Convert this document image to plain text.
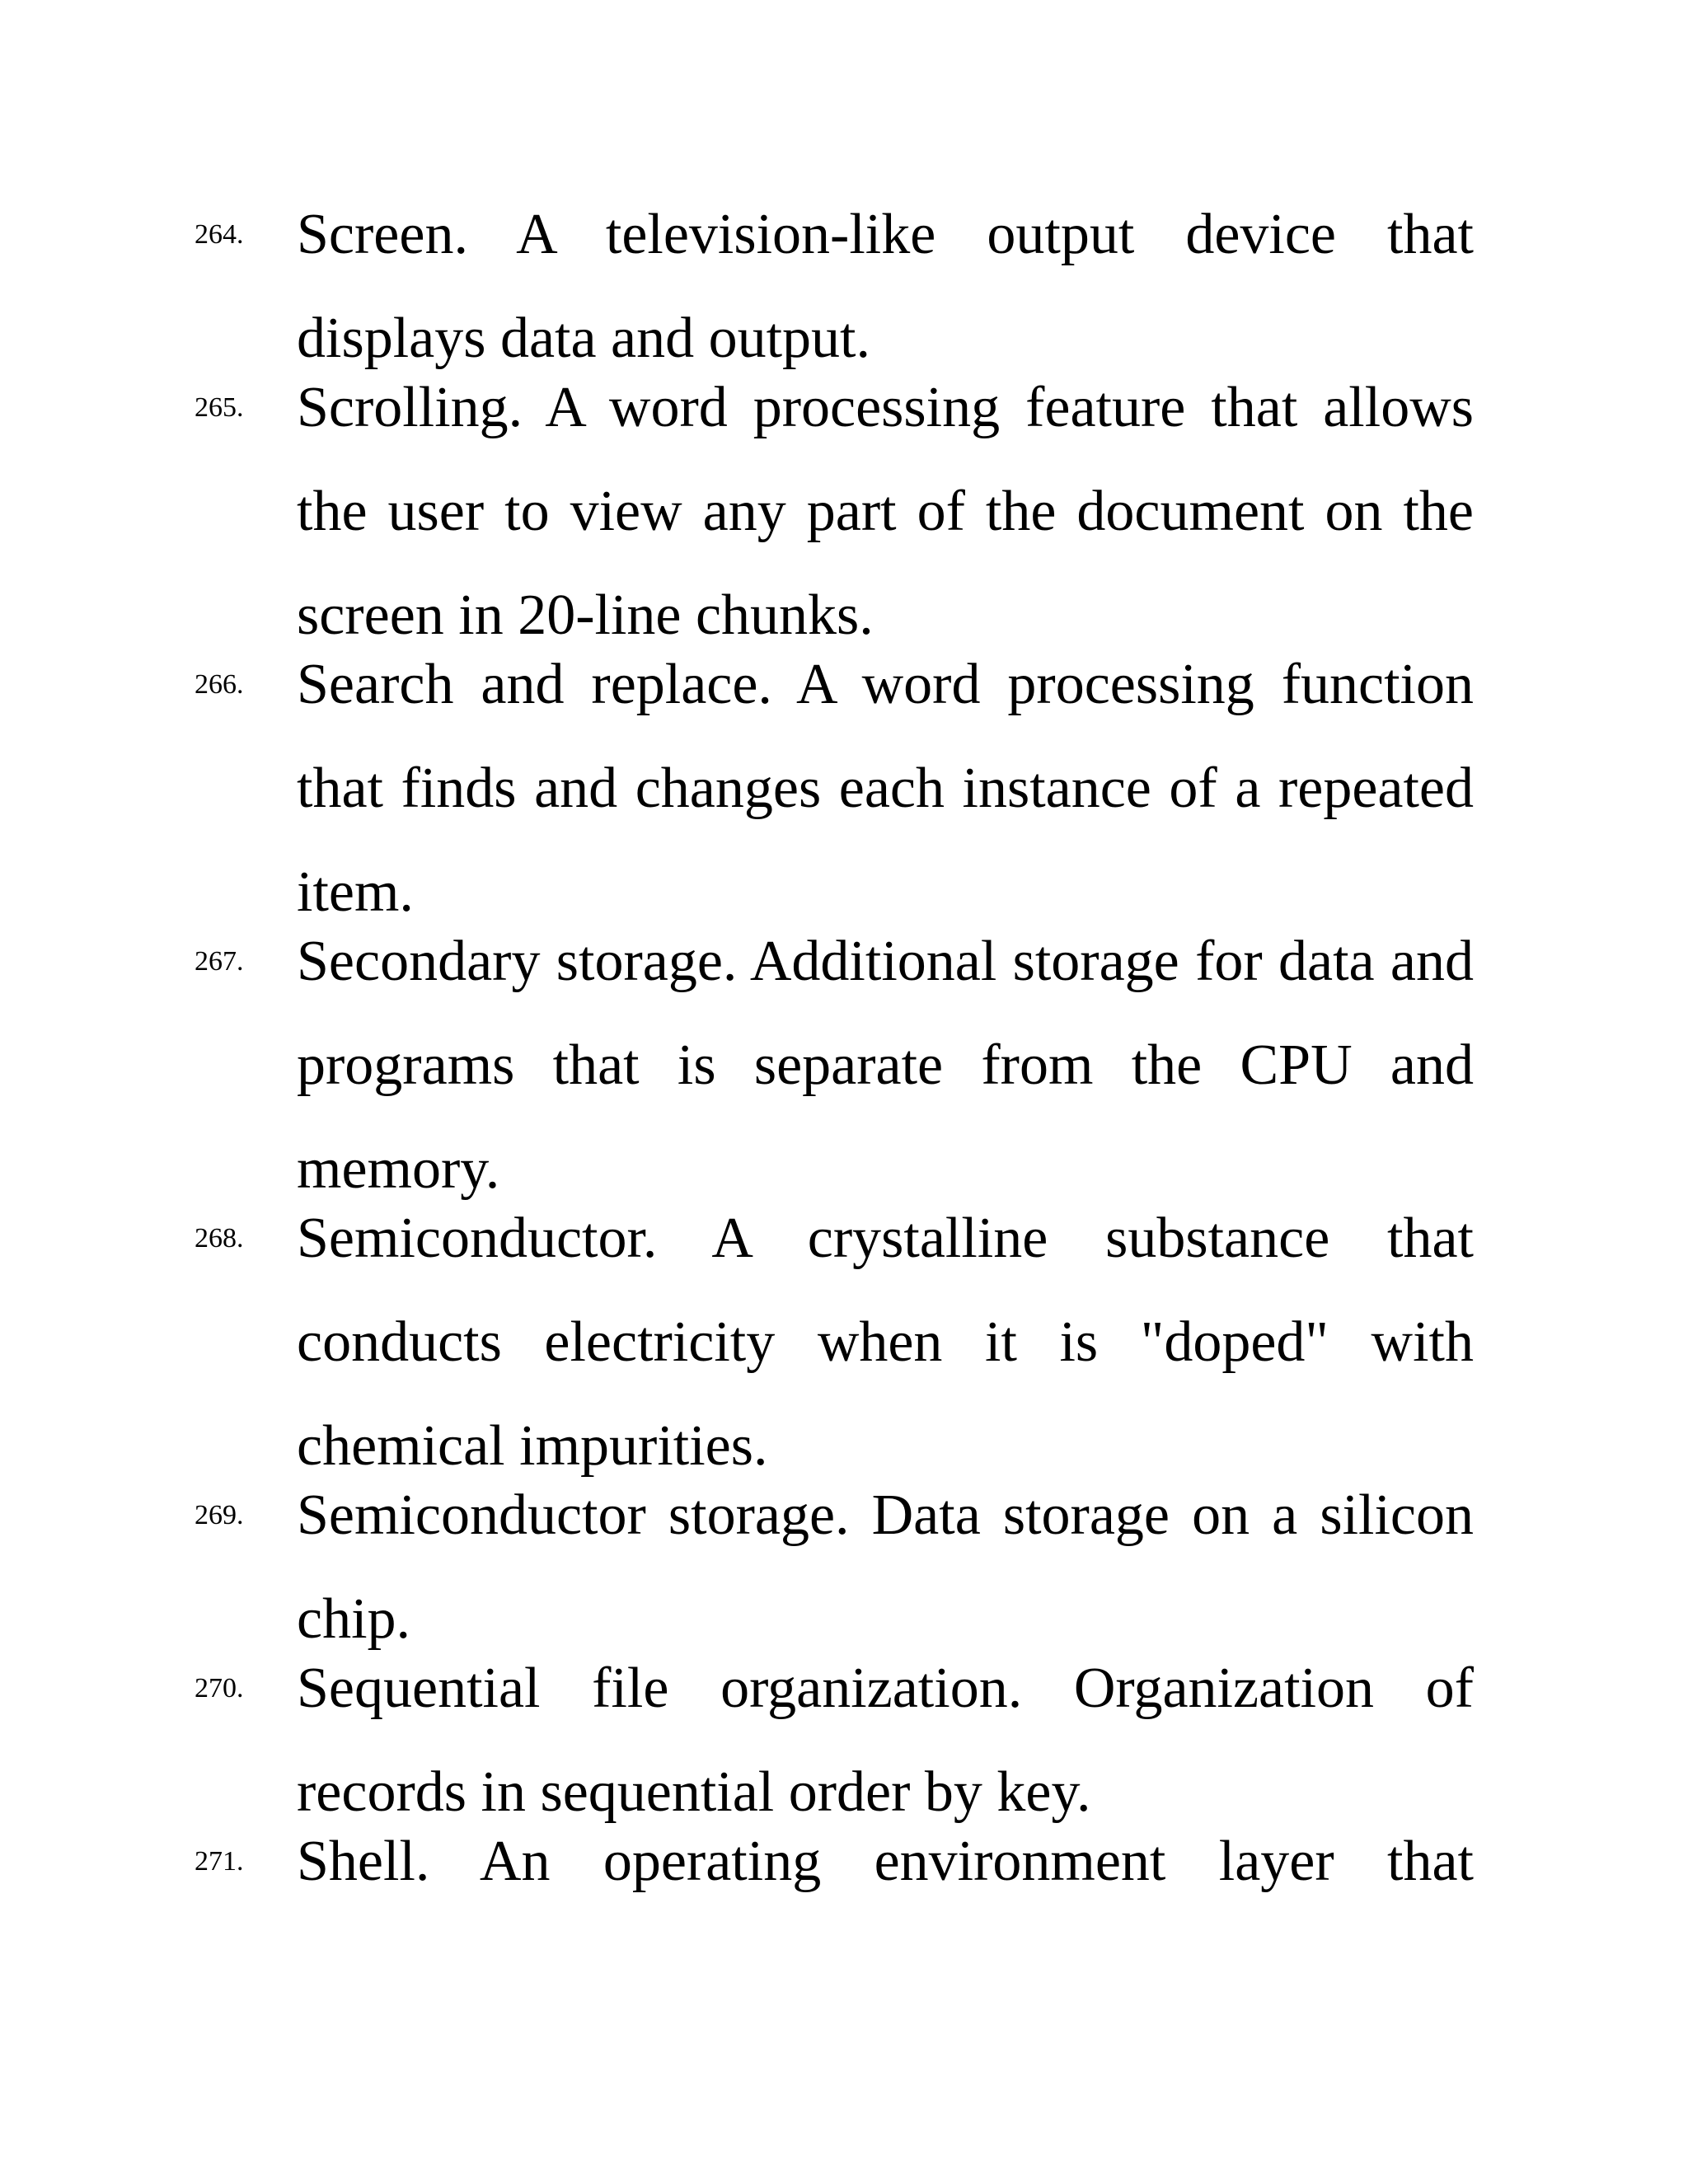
264. Screen. A television-like output device that displays data and output.
265. Scrolling. A word processing feature that allows the user to view any part of the document on the screen in 20-line chunks.
266. Search and replace. A word processing function that finds and changes each instance of a repeated item.
267. Secondary storage. Additional storage for data and programs that is separate from the CPU and memory.
268. Semiconductor. A crystalline substance that conducts electricity when it is "doped" with chemical impurities.
269. Semiconductor storage. Data storage on a silicon chip.
270. Sequential file organization. Organization of records in sequential order by key.
271. Shell. An operating environment layer that
